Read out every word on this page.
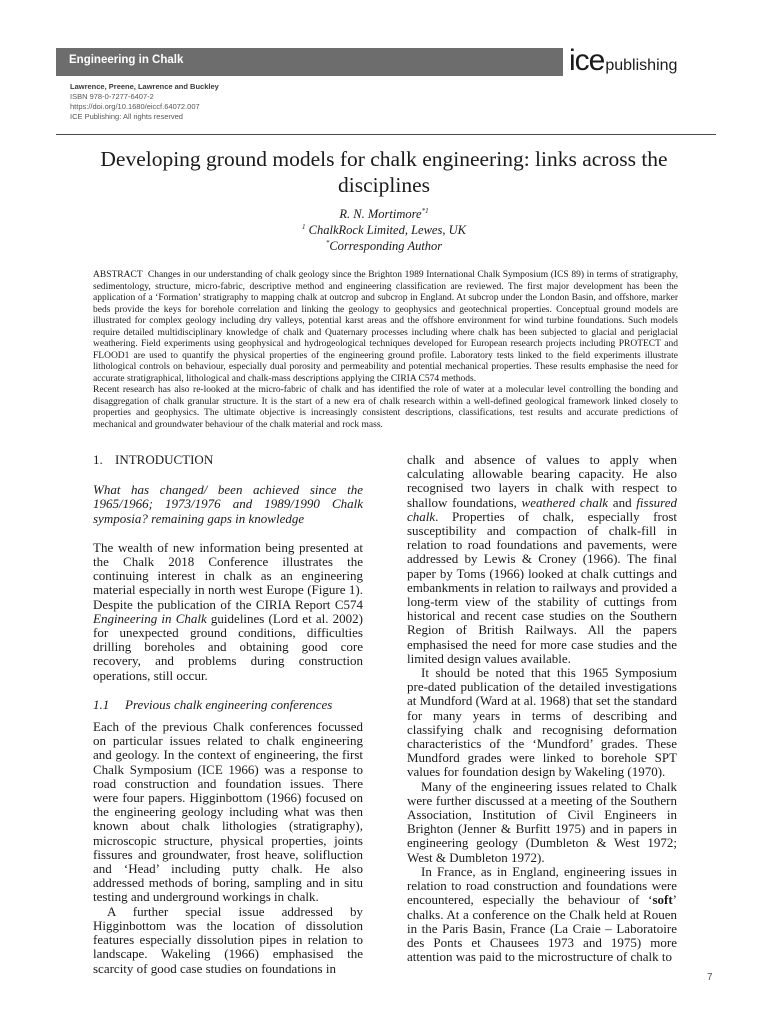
Engineering in Chalk	icepublishing
Lawrence, Preene, Lawrence and Buckley
ISBN 978-0-7277-6407-2
https://doi.org/10.1680/eiccf.64072.007
ICE Publishing: All rights reserved
Developing ground models for chalk engineering: links across the disciplines
R. N. Mortimore$^{*1}$
$^1$ ChalkRock Limited, Lewes, UK
*Corresponding Author

ABSTRACT Changes in our understanding of chalk geology since the Brighton 1989 International Chalk Symposium (ICS 89) in terms of stratigraphy, sedimentology, structure, micro-fabric, descriptive method and engineering classification are reviewed. The first major development has been the application of a ‘Formation’ stratigraphy to mapping chalk at outcrop and subcrop in England. At subcrop under the London Basin, and offshore, marker beds provide the keys for borehole correlation and linking the geology to geophysics and geotechnical properties. Conceptual ground models are illustrated for complex geology including dry valleys, potential karst areas and the offshore environment for wind turbine foundations. Such models require detailed multidisciplinary knowledge of chalk and Quaternary processes including where chalk has been subjected to glacial and periglacial weathering. Field experiments using geophysical and hydrogeological techniques developed for European research projects including PROTECT and FLOOD1 are used to quantify the physical properties of the engineering ground profile. Laboratory tests linked to the field experiments illustrate lithological controls on behaviour, especially dual porosity and permeability and potential mechanical properties. These results emphasise the need for accurate stratigraphical, lithological and chalk-mass descriptions applying the CIRIA C574 methods.

Recent research has also re-looked at the micro-fabric of chalk and has identified the role of water at a molecular level controlling the bonding and disaggregation of chalk granular structure. It is the start of a new era of chalk research within a well-defined geological framework linked closely to properties and geophysics. The ultimate objective is increasingly consistent descriptions, classifications, test results and accurate predictions of mechanical and groundwater behaviour of the chalk material and rock mass.

1. INTRODUCTION

What has changed/ been achieved since the 1965/1966; 1973/1976 and 1989/1990 Chalk symposia? remaining gaps in knowledge

The wealth of new information being presented at the Chalk 2018 Conference illustrates the continuing interest in chalk as an engineering material especially in north west Europe (Figure 1). Despite the publication of the CIRIA Report C574 Engineering in Chalk guidelines (Lord et al. 2002) for unexpected ground conditions, difficulties drilling boreholes and obtaining good core recovery, and problems during construction operations, still occur.

1.1 Previous chalk engineering conferences

Each of the previous Chalk conferences focussed on particular issues related to chalk engineering and geology. In the context of engineering, the first Chalk Symposium (ICE 1966) was a response to road construction and foundation issues. There were four papers. Higginbottom (1966) focused on the engineering geology including what was then known about chalk lithologies (stratigraphy), microscopic structure, physical properties, joints fissures and groundwater, frost heave, solifluction and ‘Head’ including putty chalk. He also addressed methods of boring, sampling and in situ testing and underground workings in chalk.

A further special issue addressed by Higginbottom was the location of dissolution features especially dissolution pipes in relation to landscape. Wakeling (1966) emphasised the scarcity of good case studies on foundations in

chalk and absence of values to apply when calculating allowable bearing capacity. He also recognised two layers in chalk with respect to shallow foundations, weathered chalk and fissured chalk. Properties of chalk, especially frost susceptibility and compaction of chalk-fill in relation to road foundations and pavements, were addressed by Lewis & Croney (1966). The final paper by Toms (1966) looked at chalk cuttings and embankments in relation to railways and provided a long-term view of the stability of cuttings from historical and recent case studies on the Southern Region of British Railways. All the papers emphasised the need for more case studies and the limited design values available.

It should be noted that this 1965 Symposium pre-dated publication of the detailed investigations at Mundford (Ward at al. 1968) that set the standard for many years in terms of describing and classifying chalk and recognising deformation characteristics of the ‘Mundford’ grades. These Mundford grades were linked to borehole SPT values for foundation design by Wakeling (1970).

Many of the engineering issues related to Chalk were further discussed at a meeting of the Southern Association, Institution of Civil Engineers in Brighton (Jenner & Burfitt 1975) and in papers in engineering geology (Dumbleton & West 1972; West & Dumbleton 1972).

In France, as in England, engineering issues in relation to road construction and foundations were encountered, especially the behaviour of ‘soft’ chalks. At a conference on the Chalk held at Rouen in the Paris Basin, France (La Craie – Laboratoire des Ponts et Chausees 1973 and 1975) more attention was paid to the microstructure of chalk to

7
